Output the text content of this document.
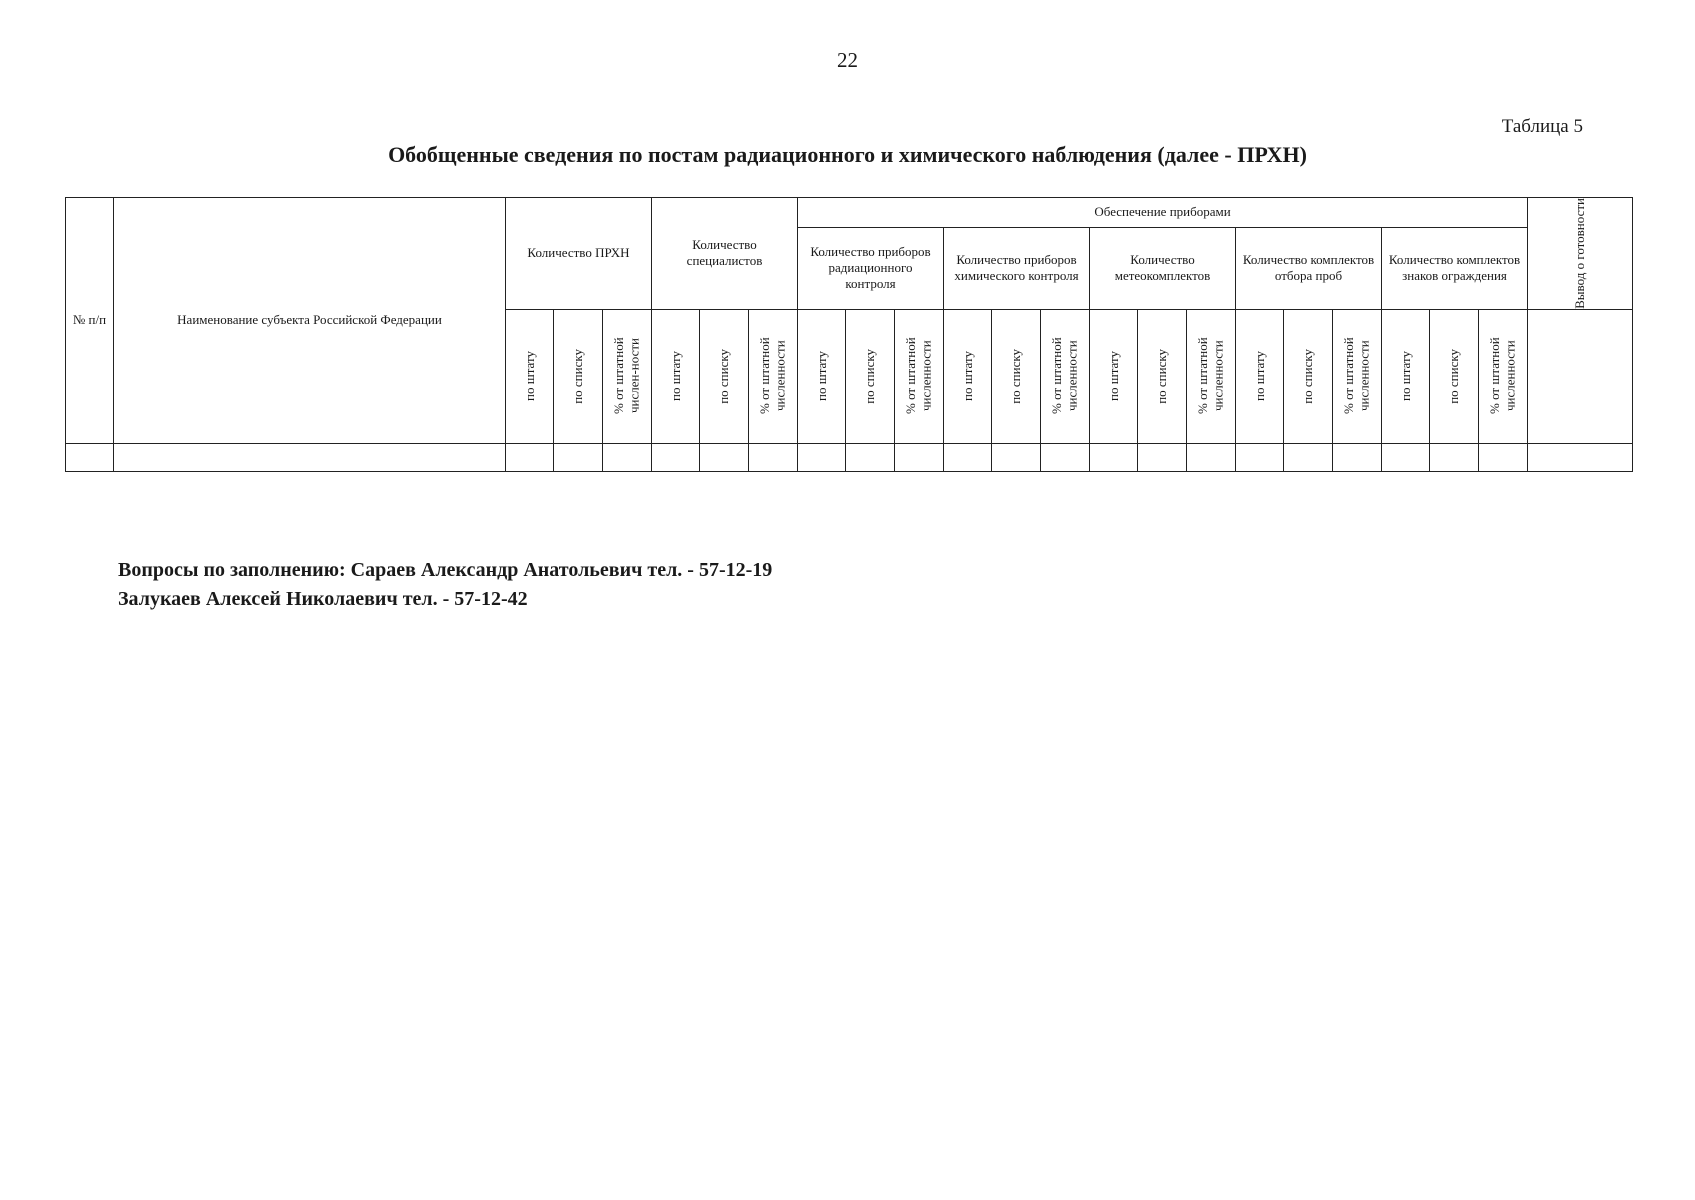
22
Таблица 5
Обобщенные сведения по постам радиационного и химического наблюдения (далее - ПРХН)
№ п/п	Наименование субъекта Российской Федерации	Количество ПРХН			Количество специалистов			Обеспечение приборами															Вывод о готовности

								Количество приборов радиационного контроля			Количество приборов химического контроля			Количество метеокомплектов			Количество комплектов отбора проб			Количество комплектов знаков ограждения			

		по штату	по списку	% от штатной числен-ности	по штату	по списку	% от штатной численности	по штату	по списку	% от штатной численности	по штату	по списку	% от штатной численности	по штату	по списку	% от штатной численности	по штату	по списку	% от штатной численности	по штату	по списку	% от штатной численности	

Вопросы по заполнению: Сараев Александр Анатольевич тел. - 57-12-19
Залукаев Алексей Николаевич тел. - 57-12-42
